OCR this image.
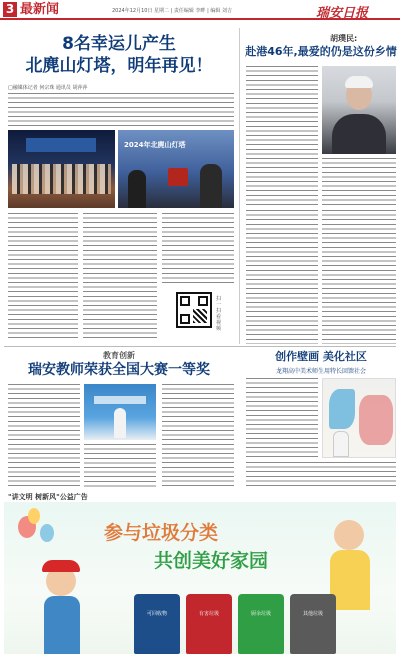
3 最新闻	2024年12月10日 星期二 | 责任编辑 李畔 | 编辑 刘吉	瑞安日报
8名幸运儿产生
北麂山灯塔，明年再见！
□融媒体记者 何宗珠 通讯员 胡萍萍
2024年北麂山灯塔
扫一扫看视频
胡璞民:
赴港46年,最爱的仍是这份乡情
教育创新
瑞安教师荣获全国大赛一等奖
创作壁画 美化社区
龙翔高中美术师生用特长回馈社会
"讲文明 树新风"公益广告
参与垃圾分类
共创美好家园
可回收物	有害垃圾	厨余垃圾	其他垃圾
